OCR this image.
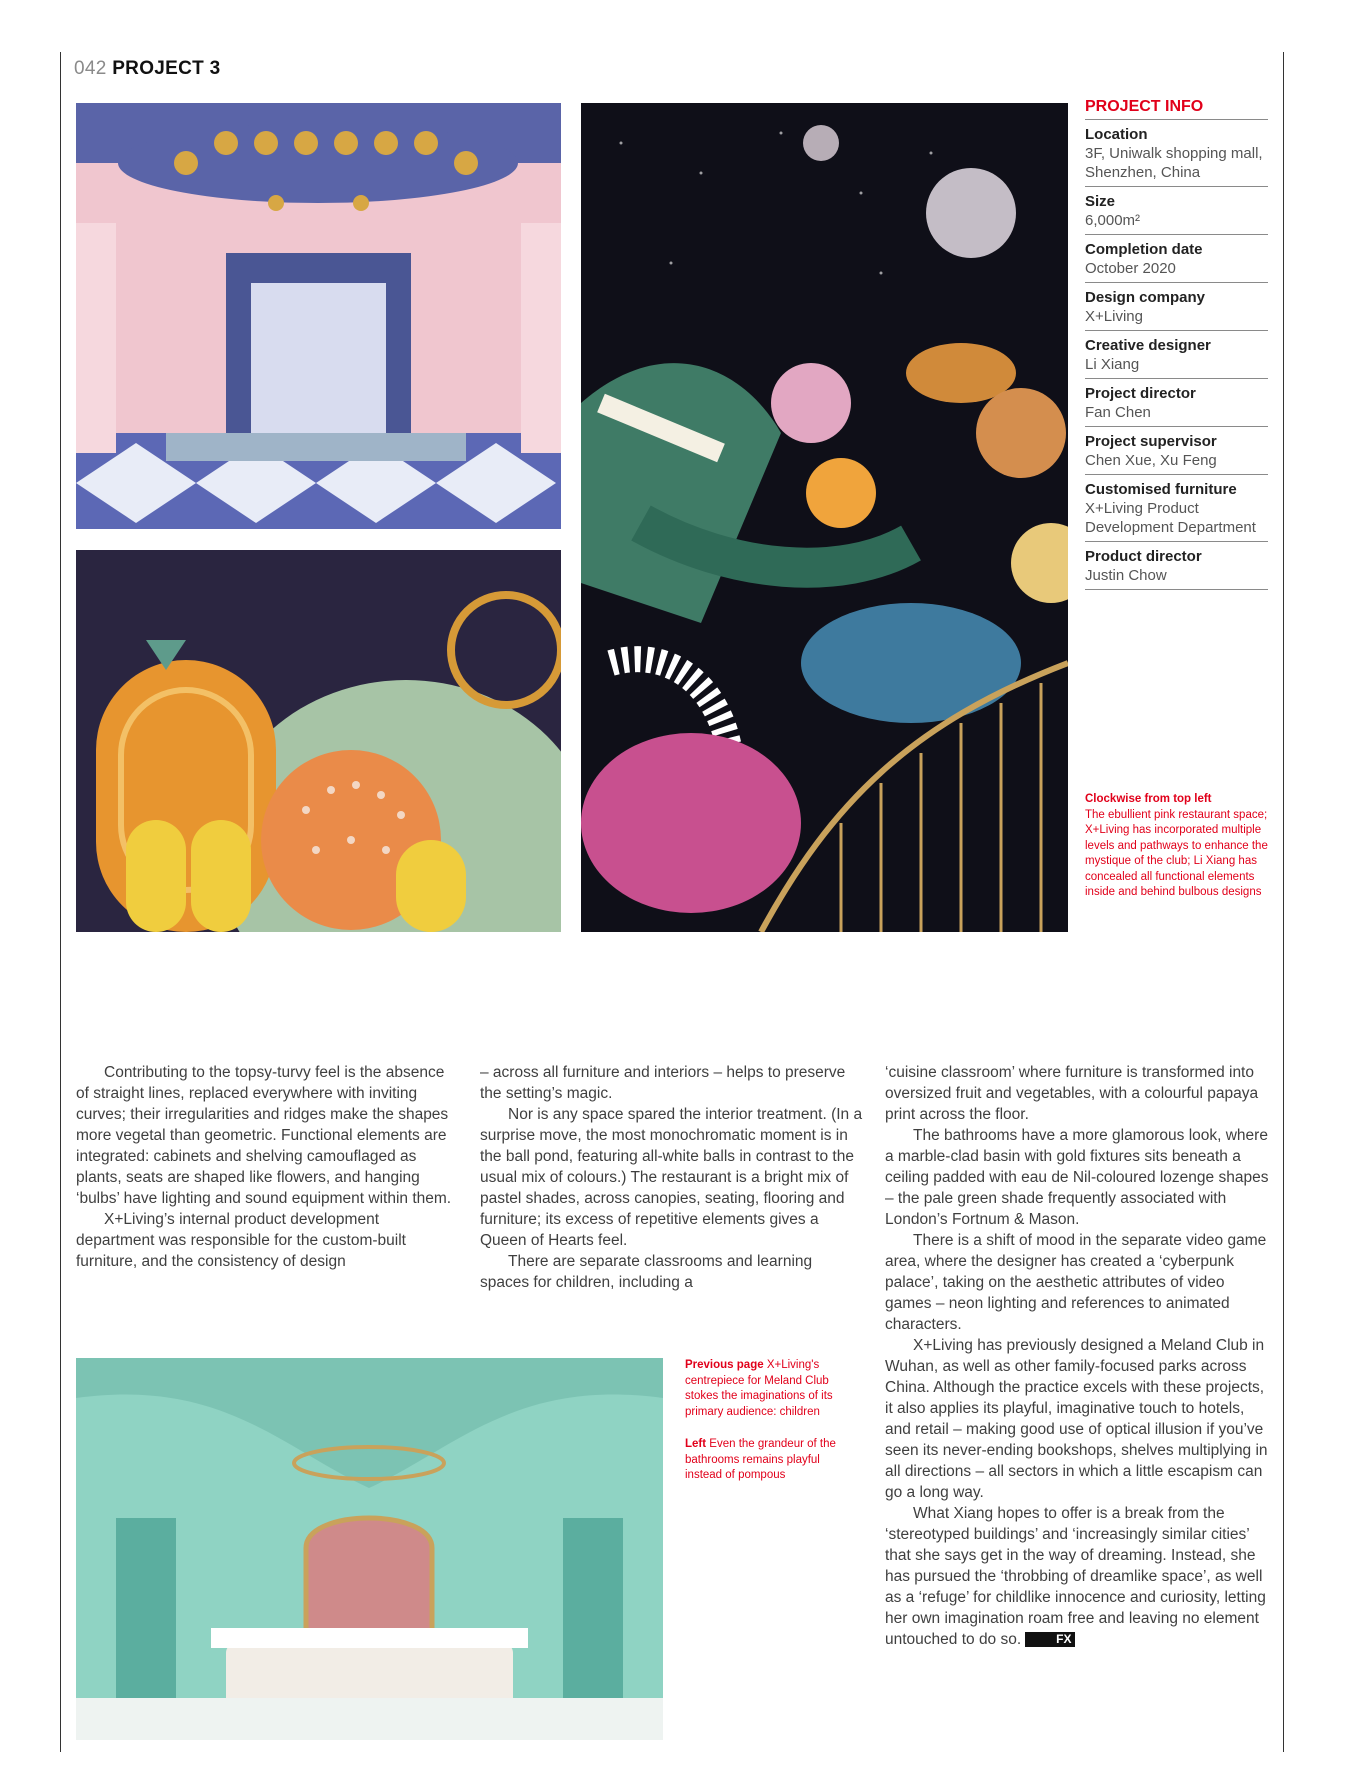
042 PROJECT 3
PROJECT INFO
Location
3F, Uniwalk shopping mall, Shenzhen, China
Size
6,000m²
Completion date
October 2020
Design company
X+Living
Creative designer
Li Xiang
Project director
Fan Chen
Project supervisor
Chen Xue, Xu Feng
Customised furniture
X+Living Product Development Department
Product director
Justin Chow
Clockwise from top left
The ebullient pink restaurant space; X+Living has incorporated multiple levels and pathways to enhance the mystique of the club; Li Xiang has concealed all functional elements inside and behind bulbous designs

Contributing to the topsy-turvy feel is the absence of straight lines, replaced everywhere with inviting curves; their irregularities and ridges make the shapes more vegetal than geometric. Functional elements are integrated: cabinets and shelving camouflaged as plants, seats are shaped like flowers, and hanging ‘bulbs’ have lighting and sound equipment within them.

X+Living’s internal product development department was responsible for the custom-built furniture, and the consistency of design

– across all furniture and interiors – helps to preserve the setting’s magic.

Nor is any space spared the interior treatment. (In a surprise move, the most monochromatic moment is in the ball pond, featuring all-white balls in contrast to the usual mix of colours.) The restaurant is a bright mix of pastel shades, across canopies, seating, flooring and furniture; its excess of repetitive elements gives a Queen of Hearts feel.

There are separate classrooms and learning spaces for children, including a

‘cuisine classroom’ where furniture is transformed into oversized fruit and vegetables, with a colourful papaya print across the floor.

The bathrooms have a more glamorous look, where a marble-clad basin with gold fixtures sits beneath a ceiling padded with eau de Nil-coloured lozenge shapes – the pale green shade frequently associated with London’s Fortnum & Mason.

There is a shift of mood in the separate video game area, where the designer has created a ‘cyberpunk palace’, taking on the aesthetic attributes of video games – neon lighting and references to animated characters.

X+Living has previously designed a Meland Club in Wuhan, as well as other family-focused parks across China. Although the practice excels with these projects, it also applies its playful, imaginative touch to hotels, and retail – making good use of optical illusion if you’ve seen its never-ending bookshops, shelves multiplying in all directions – all sectors in which a little escapism can go a long way.

What Xiang hopes to offer is a break from the ‘stereotyped buildings’ and ‘increasingly similar cities’ that she says get in the way of dreaming. Instead, she has pursued the ‘throbbing of dreamlike space’, as well as a ‘refuge’ for childlike innocence and curiosity, letting her own imagination roam free and leaving no element untouched to do so.	FX

Previous page X+Living's centrepiece for Meland Club stokes the imaginations of its primary audience: children
Left Even the grandeur of the bathrooms remains playful instead of pompous
